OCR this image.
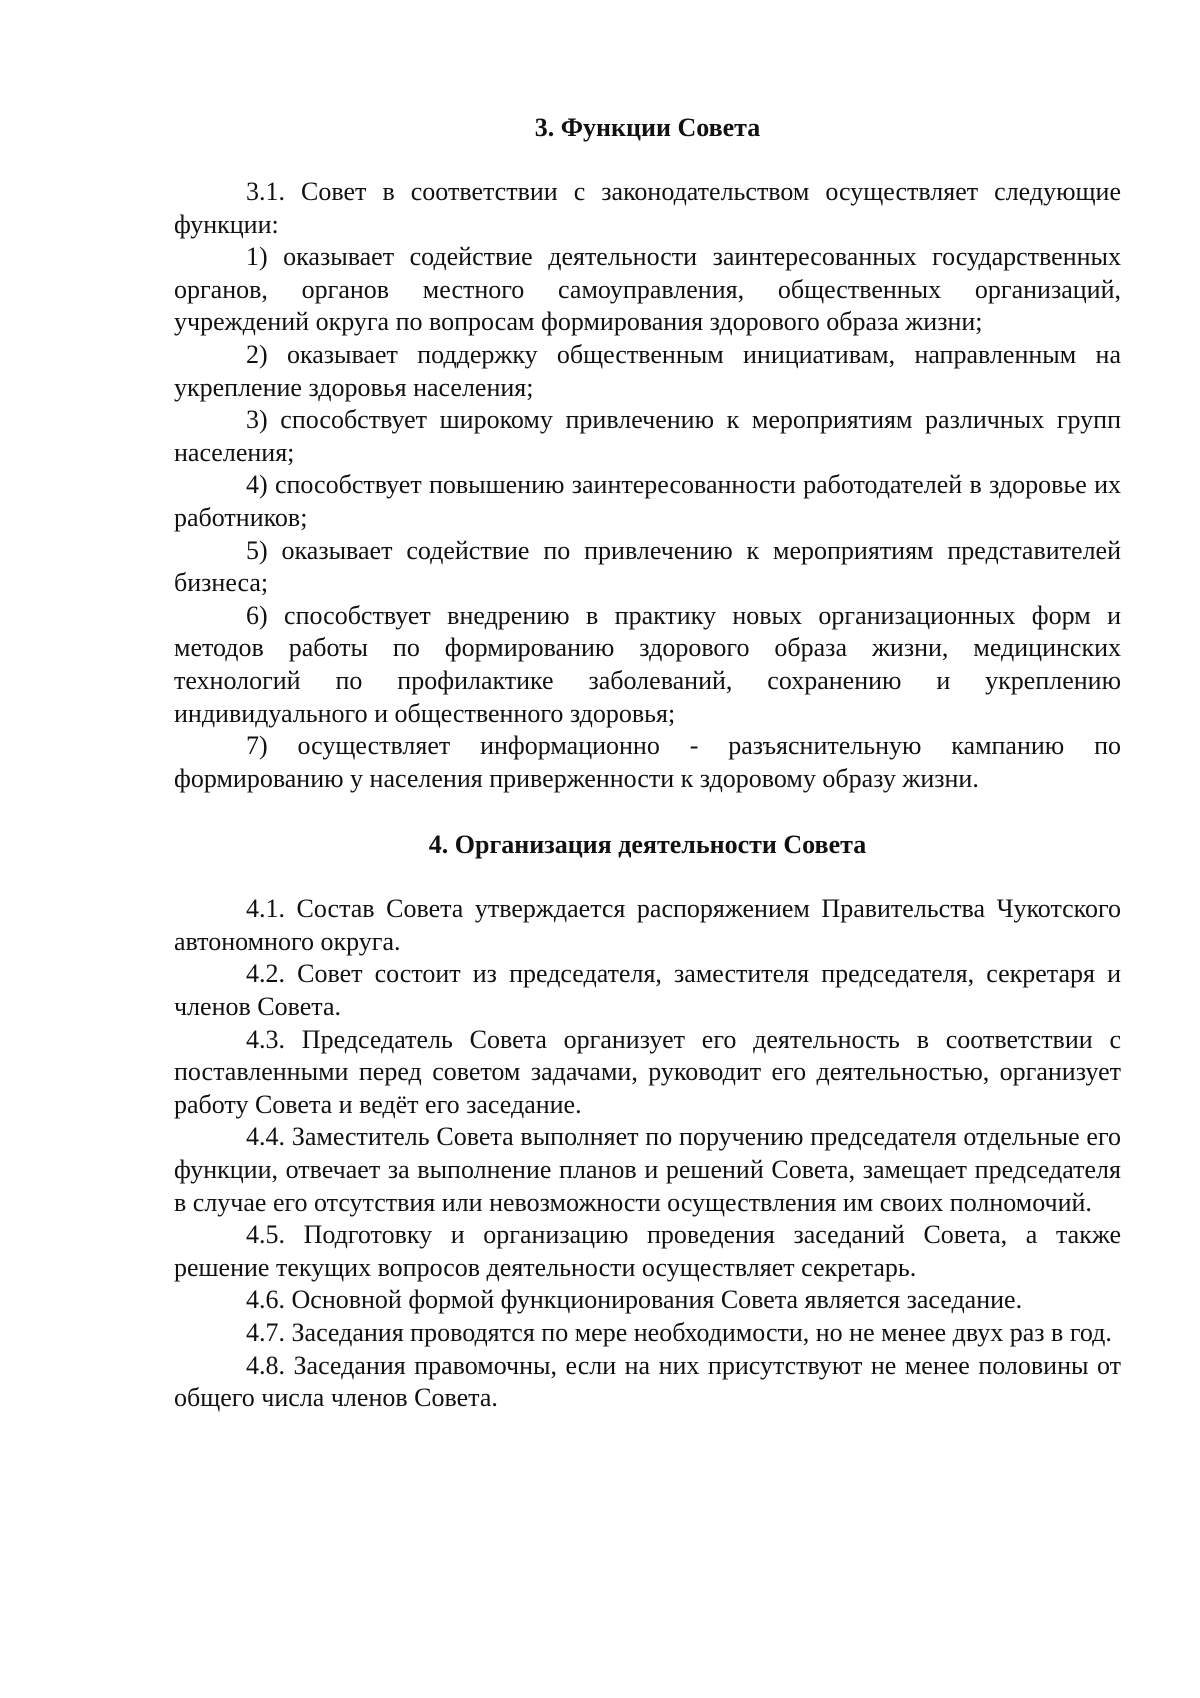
3. Функции Совета

3.1. Совет в соответствии с законодательством осуществляет следующие функции:

1) оказывает содействие деятельности заинтересованных государственных органов, органов местного самоуправления, общественных организаций, учреждений округа по вопросам формирования здорового образа жизни;

2) оказывает поддержку общественным инициативам, направленным на укрепление здоровья населения;

3) способствует широкому привлечению к мероприятиям различных групп населения;

4) способствует повышению заинтересованности работодателей в здоровье их работников;

5) оказывает содействие по привлечению к мероприятиям представителей бизнеса;

6) способствует внедрению в практику новых организационных форм и методов работы по формированию здорового образа жизни, медицинских технологий по профилактике заболеваний, сохранению и укреплению индивидуального и общественного здоровья;

7) осуществляет информационно - разъяснительную кампанию по формированию у населения приверженности к здоровому образу жизни.

4. Организация деятельности Совета

4.1. Состав Совета утверждается распоряжением Правительства Чукотского автономного округа.

4.2. Совет состоит из председателя, заместителя председателя, секретаря и членов Совета.

4.3. Председатель Совета организует его деятельность в соответствии с поставленными перед советом задачами, руководит его деятельностью, организует работу Совета и ведёт его заседание.

4.4. Заместитель Совета выполняет по поручению председателя отдельные его функции, отвечает за выполнение планов и решений Совета, замещает председателя в случае его отсутствия или невозможности осуществления им своих полномочий.

4.5. Подготовку и организацию проведения заседаний Совета, а также решение текущих вопросов деятельности осуществляет секретарь.

4.6. Основной формой функционирования Совета является заседание.

4.7. Заседания проводятся по мере необходимости, но не менее двух раз в год.

4.8. Заседания правомочны, если на них присутствуют не менее половины от общего числа членов Совета.
